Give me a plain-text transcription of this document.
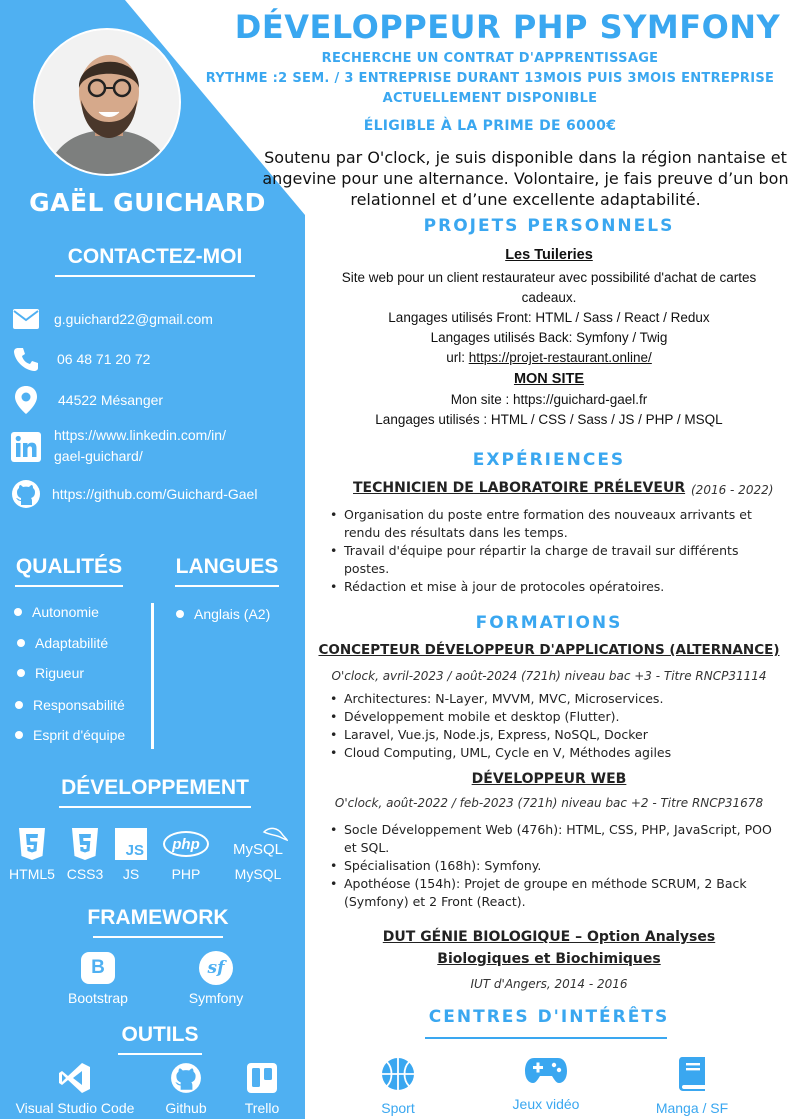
GAËL GUICHARD
CONTACTEZ-MOI
g.guichard22@gmail.com
06 48 71 20 72
44522 Mésanger
https://www.linkedin.com/in/
gael-guichard/
https://github.com/Guichard-Gael
QUALITÉS
Autonomie
Adaptabilité
Rigueur
Responsabilité
Esprit d'équipe
LANGUES
Anglais (A2)
DÉVELOPPEMENT
HTML5 CSS3
JS
JS
php
PHP
MySQL
MySQL
FRAMEWORK
B
Bootstrap
sf
Symfony
OUTILS
Visual Studio Code	Github	Trello
DÉVELOPPEUR PHP SYMFONY
RECHERCHE UN CONTRAT D'APPRENTISSAGE
RYTHME :2 SEM. / 3 ENTREPRISE DURANT 13MOIS PUIS 3MOIS ENTREPRISE
ACTUELLEMENT DISPONIBLE
ÉLIGIBLE À LA PRIME DE 6000€
Soutenu par O'clock, je suis disponible dans la région nantaise et angevine pour une alternance. Volontaire, je fais preuve d’un bon relationnel et d’une excellente adaptabilité.
PROJETS PERSONNELS
Les Tuileries
Site web pour un client restaurateur avec possibilité d'achat de cartes
cadeaux.
Langages utilisés Front: HTML / Sass / React / Redux
Langages utilisés Back: Symfony / Twig
url: https://projet-restaurant.online/
MON SITE
Mon site : https://guichard-gael.fr
Langages utilisés : HTML / CSS / Sass / JS / PHP / MSQL
EXPÉRIENCES
TECHNICIEN DE LABORATOIRE PRÉLEVEUR (2016 - 2022)
• Organisation du poste entre formation des nouveaux arrivants et rendu des résultats dans les temps.
• Travail d'équipe pour répartir la charge de travail sur différents postes.
• Rédaction et mise à jour de protocoles opératoires.
FORMATIONS
CONCEPTEUR DÉVELOPPEUR D'APPLICATIONS (ALTERNANCE)
O'clock, avril-2023 / août-2024 (721h) niveau bac +3 - Titre RNCP31114
• Architectures: N-Layer, MVVM, MVC, Microservices.
• Développement mobile et desktop (Flutter).
• Laravel, Vue.js, Node.js, Express, NoSQL, Docker
• Cloud Computing, UML, Cycle en V, Méthodes agiles
DÉVELOPPEUR WEB
O'clock, août-2022 / feb-2023 (721h) niveau bac +2 - Titre RNCP31678
• Socle Développement Web (476h): HTML, CSS, PHP, JavaScript, POO et SQL.
• Spécialisation (168h): Symfony.
• Apothéose (154h): Projet de groupe en méthode SCRUM, 2 Back (Symfony) et 2 Front (React).
DUT GÉNIE BIOLOGIQUE – Option Analyses
Biologiques et Biochimiques
IUT d'Angers, 2014 - 2016
CENTRES D'INTÉRÊTS
Sport	Jeux vidéo	Manga / SF
